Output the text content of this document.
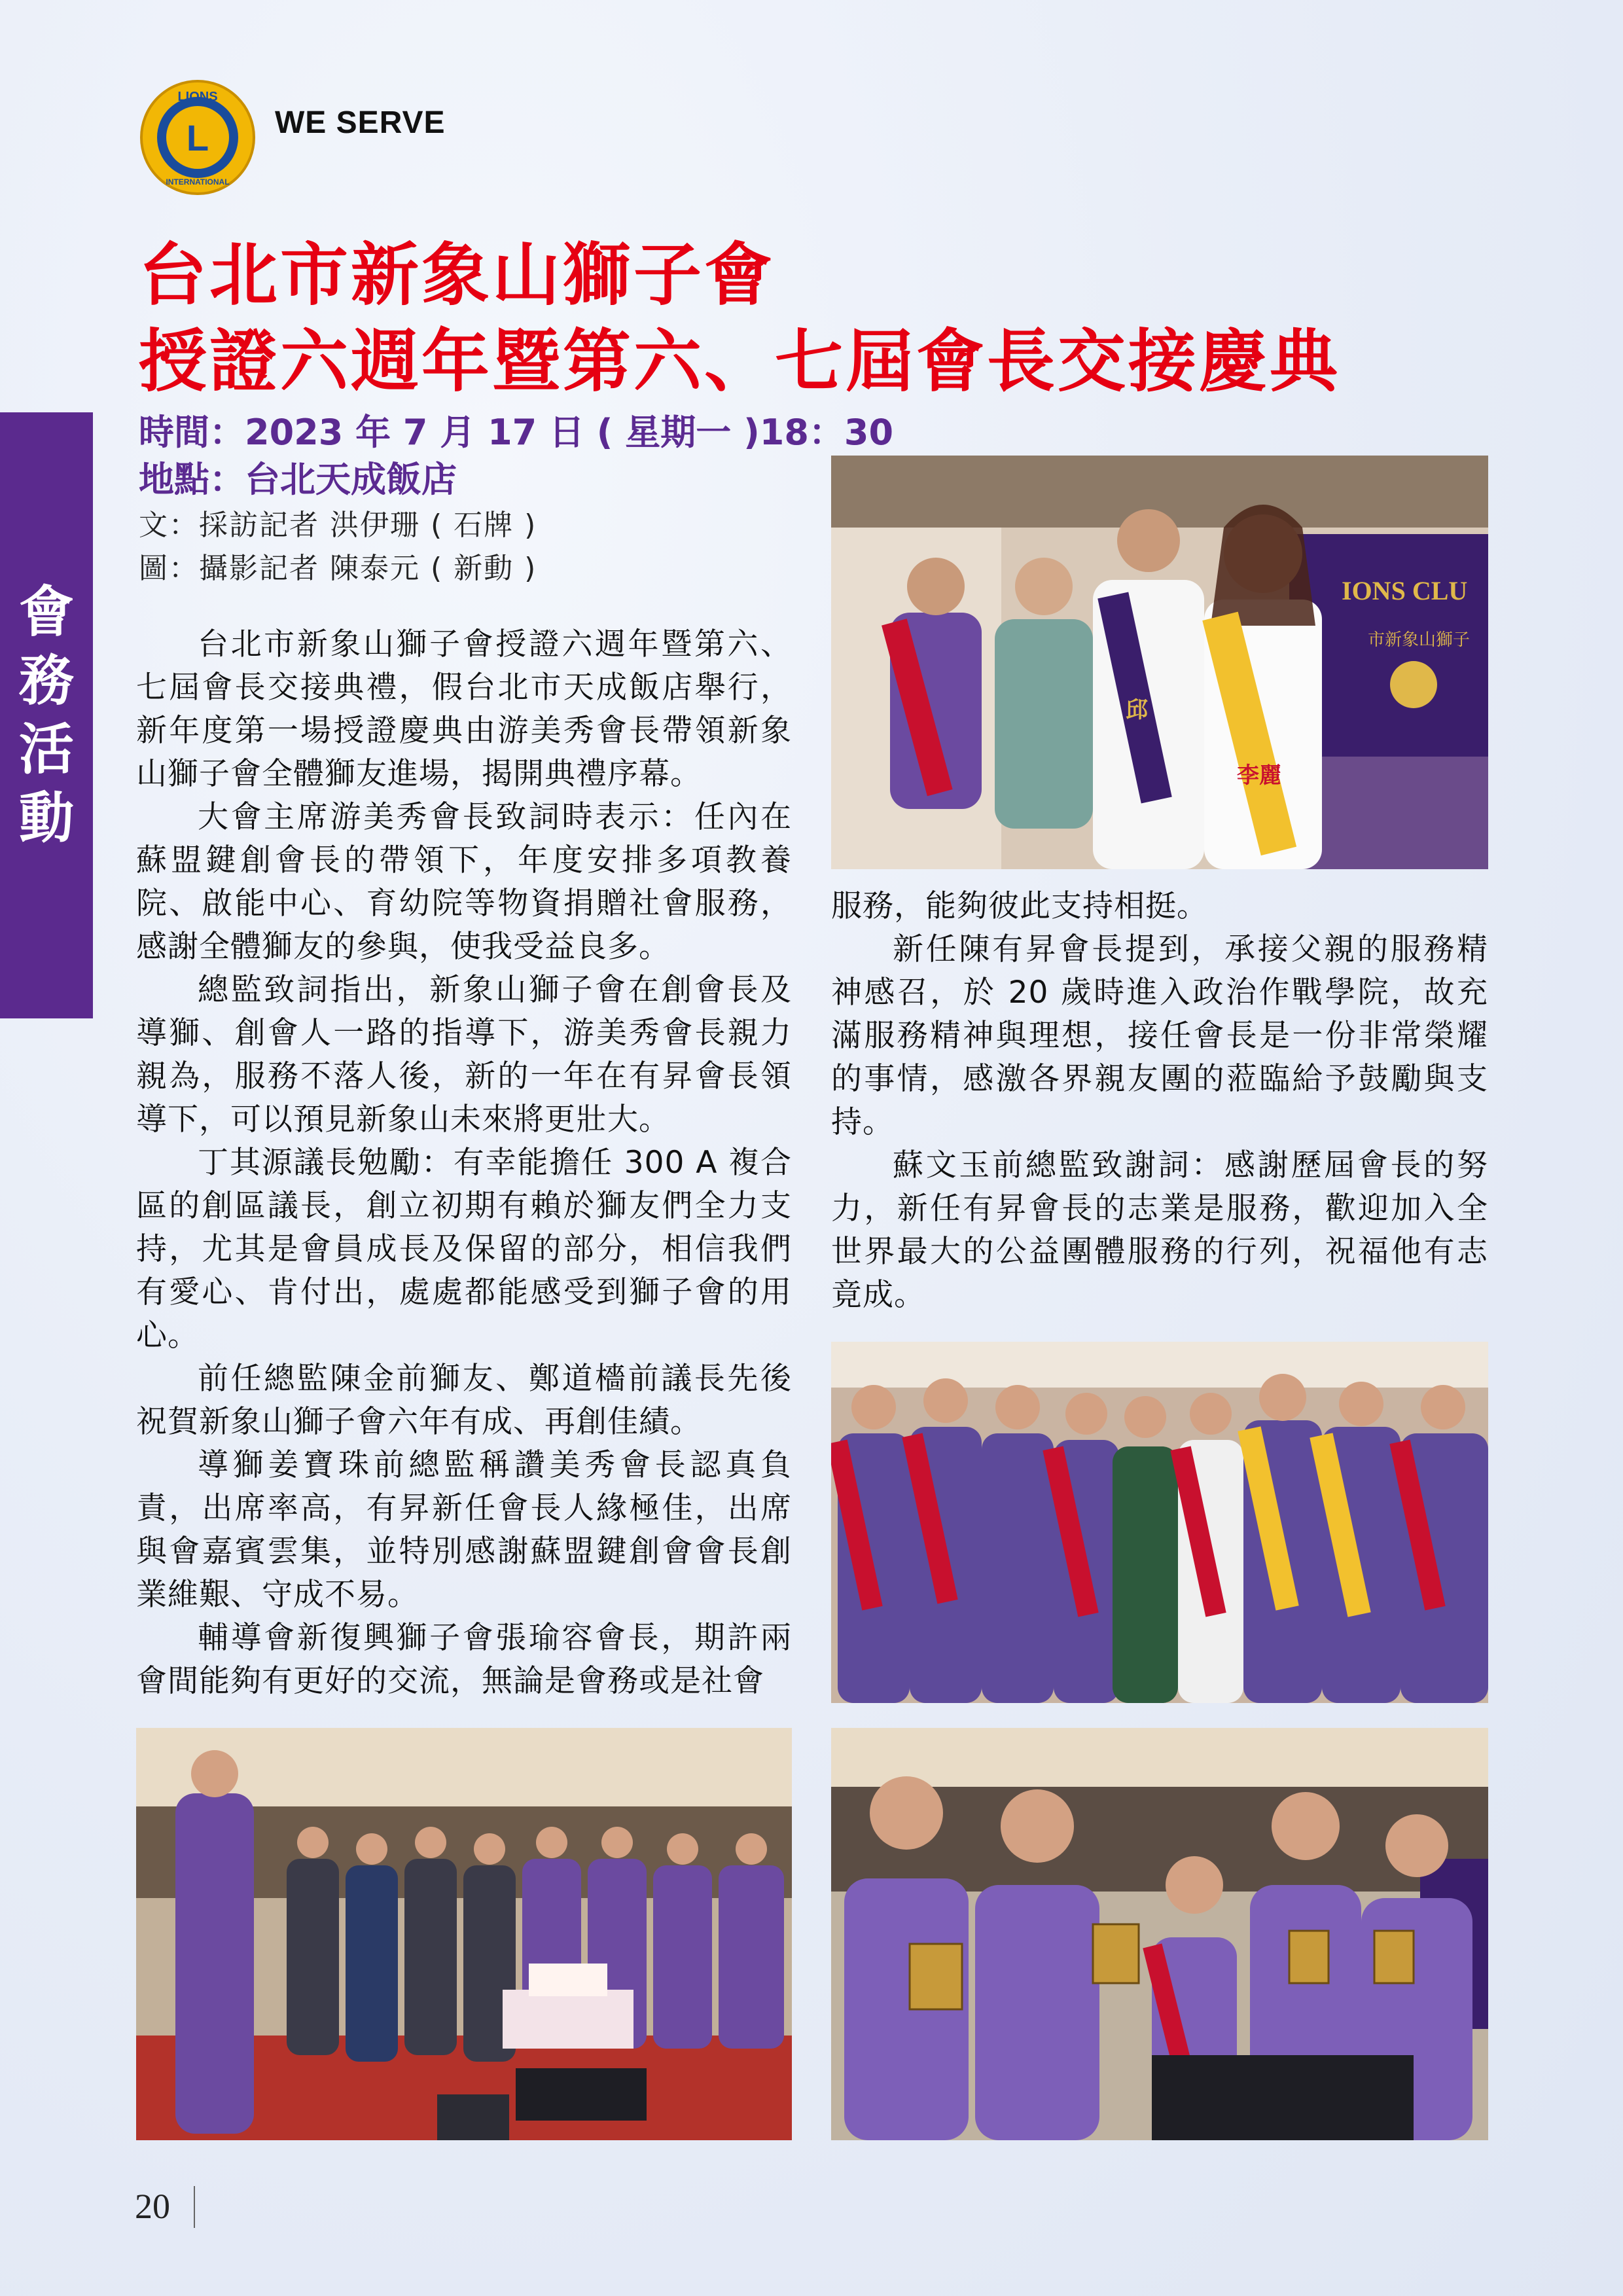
LIONS
INTERNATIONAL
L WE SERVE
會
務
活
動
台北市新象山獅子會
授證六週年暨第六、七屆會長交接慶典
時間：2023 年 7 月 17 日 ( 星期一 )18：30
地點：台北天成飯店
文：採訪記者 洪伊珊 ( 石牌 )
圖：攝影記者 陳泰元 ( 新動 )

台北市新象山獅子會授證六週年暨第六、七屆會長交接典禮，假台北市天成飯店舉行，新年度第一場授證慶典由游美秀會長帶領新象山獅子會全體獅友進場，揭開典禮序幕。

大會主席游美秀會長致詞時表示：任內在蘇盟鍵創會長的帶領下，年度安排多項教養院、啟能中心、育幼院等物資捐贈社會服務，感謝全體獅友的參與，使我受益良多。

總監致詞指出，新象山獅子會在創會長及導獅、創會人一路的指導下，游美秀會長親力親為，服務不落人後，新的一年在有昇會長領導下，可以預見新象山未來將更壯大。

丁其源議長勉勵：有幸能擔任 300 A 複合區的創區議長，創立初期有賴於獅友們全力支持，尤其是會員成長及保留的部分，相信我們有愛心、肯付出，處處都能感受到獅子會的用心。

前任總監陳金前獅友、鄭道檣前議長先後祝賀新象山獅子會六年有成、再創佳績。

導獅姜寶珠前總監稱讚美秀會長認真負責，出席率高，有昇新任會長人緣極佳，出席與會嘉賓雲集，並特別感謝蘇盟鍵創會會長創業維艱、守成不易。

輔導會新復興獅子會張瑜容會長，期許兩會間能夠有更好的交流，無論是會務或是社會

服務，能夠彼此支持相挺。

新任陳有昇會長提到，承接父親的服務精神感召，於 20 歲時進入政治作戰學院，故充滿服務精神與理想，接任會長是一份非常榮耀的事情，感激各界親友團的蒞臨給予鼓勵與支持。

蘇文玉前總監致謝詞：感謝歷屆會長的努力，新任有昇會長的志業是服務，歡迎加入全世界最大的公益團體服務的行列，祝福他有志竟成。

IONS CLU
市新象山獅子
邱
李麗
20
